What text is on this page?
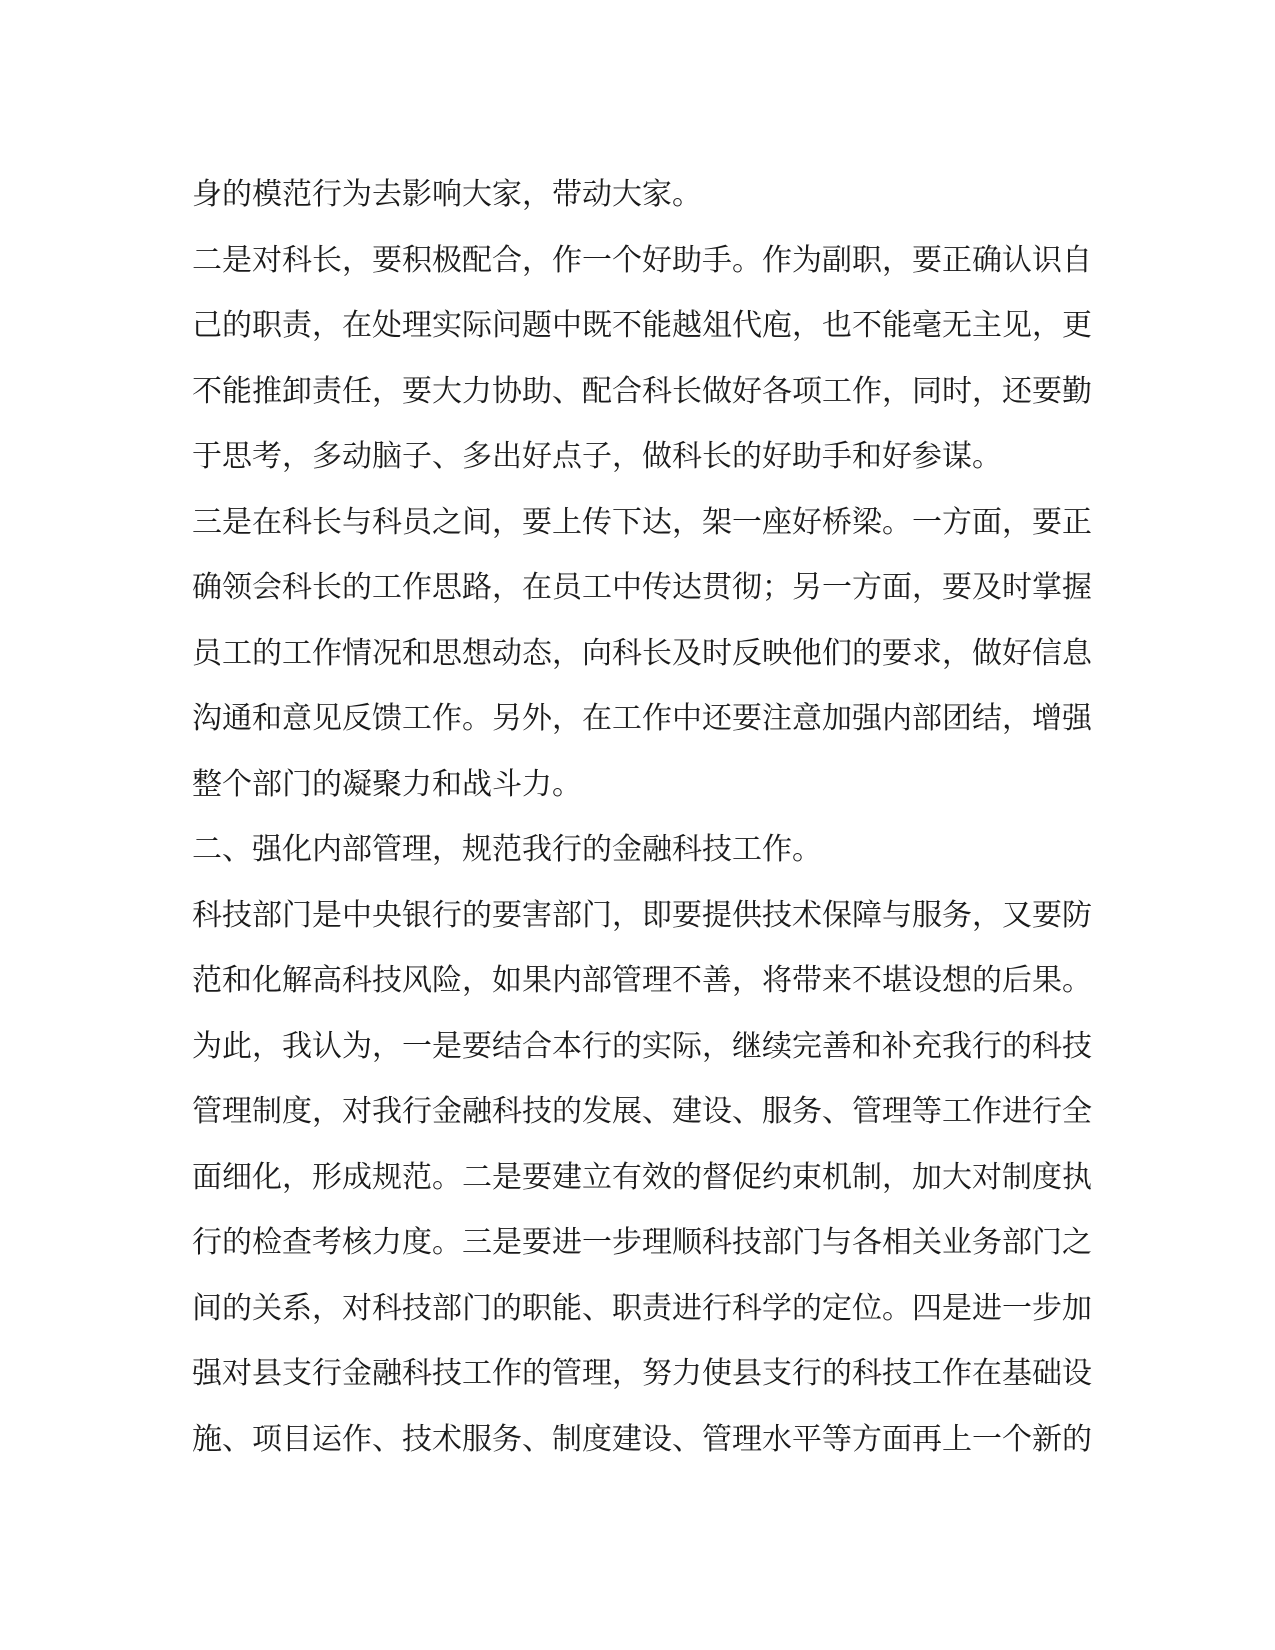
身的模范行为去影响大家，带动大家。
二是对科长，要积极配合，作一个好助手。作为副职，要正确认识自
己的职责，在处理实际问题中既不能越俎代庖，也不能毫无主见，更
不能推卸责任，要大力协助、配合科长做好各项工作，同时，还要勤
于思考，多动脑子、多出好点子，做科长的好助手和好参谋。
三是在科长与科员之间，要上传下达，架一座好桥梁。一方面，要正
确领会科长的工作思路，在员工中传达贯彻；另一方面，要及时掌握
员工的工作情况和思想动态，向科长及时反映他们的要求，做好信息
沟通和意见反馈工作。另外，在工作中还要注意加强内部团结，增强
整个部门的凝聚力和战斗力。
二、强化内部管理，规范我行的金融科技工作。
科技部门是中央银行的要害部门，即要提供技术保障与服务，又要防
范和化解高科技风险，如果内部管理不善，将带来不堪设想的后果。
为此，我认为，一是要结合本行的实际，继续完善和补充我行的科技
管理制度，对我行金融科技的发展、建设、服务、管理等工作进行全
面细化，形成规范。二是要建立有效的督促约束机制，加大对制度执
行的检查考核力度。三是要进一步理顺科技部门与各相关业务部门之
间的关系，对科技部门的职能、职责进行科学的定位。四是进一步加
强对县支行金融科技工作的管理，努力使县支行的科技工作在基础设
施、项目运作、技术服务、制度建设、管理水平等方面再上一个新的
